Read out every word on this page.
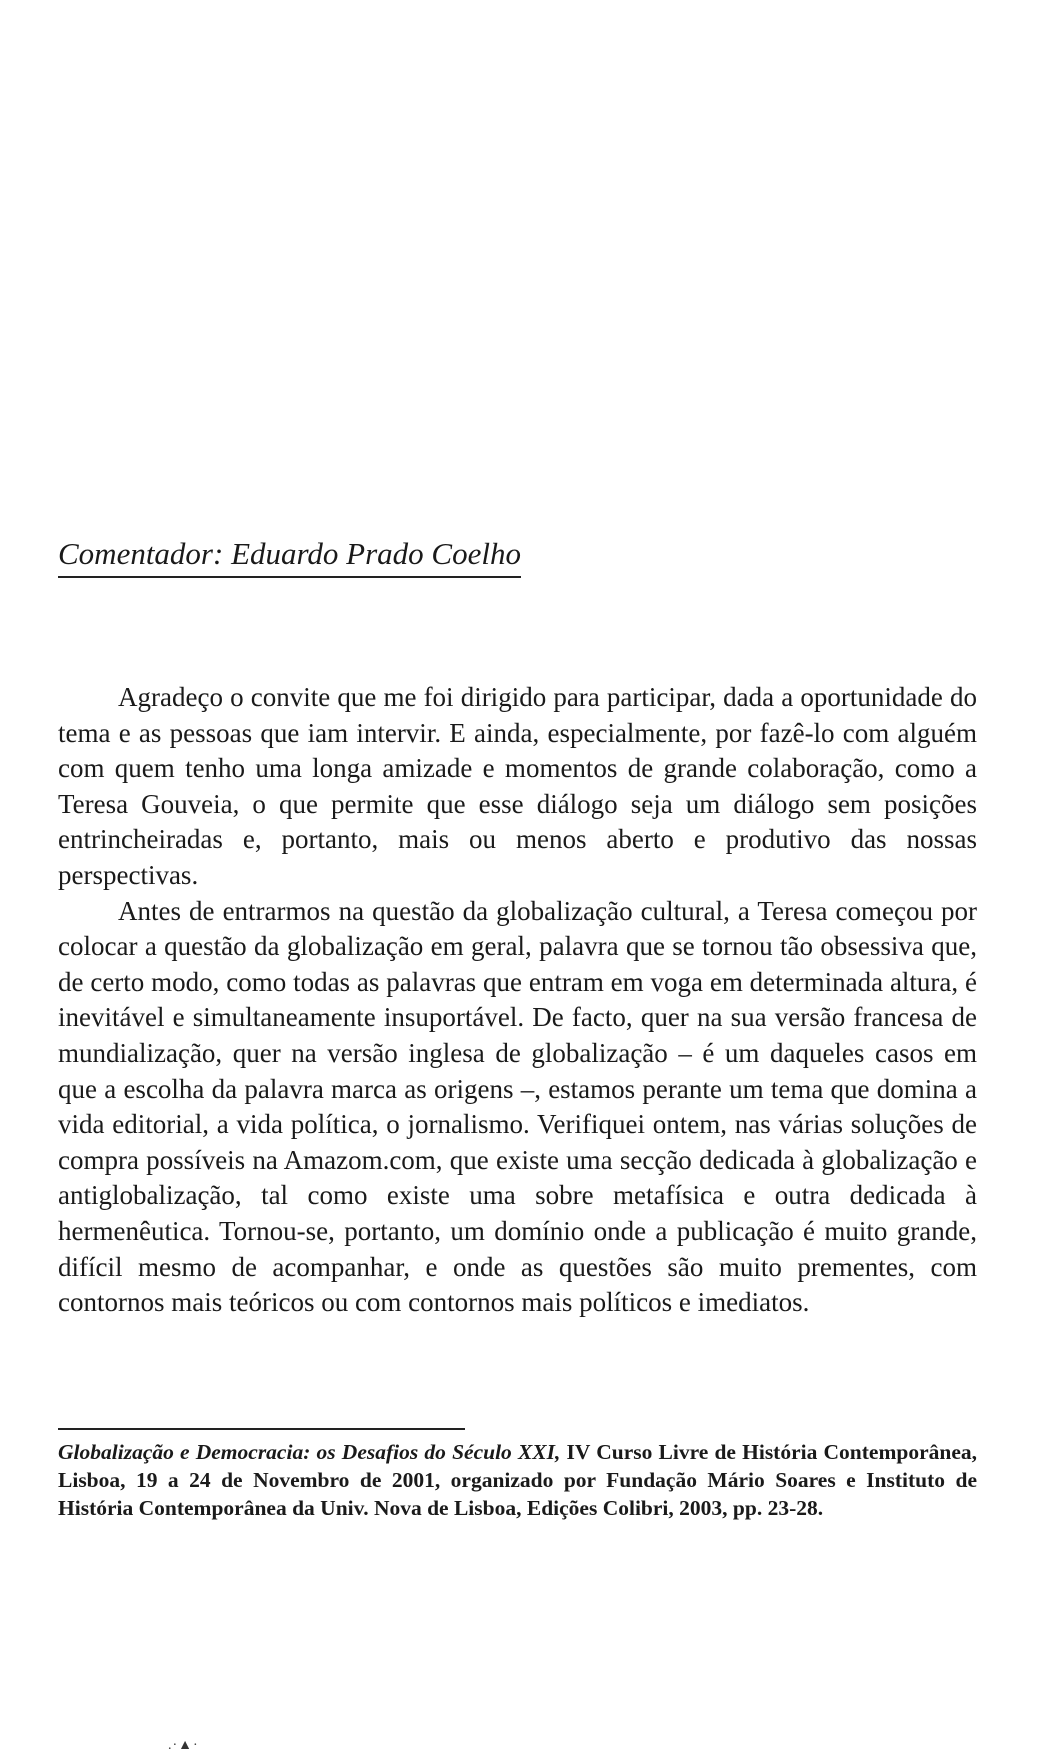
Comentador: Eduardo Prado Coelho

Agradeço o convite que me foi dirigido para participar, dada a oportunidade do tema e as pessoas que iam intervir. E ainda, especialmente, por fazê-lo com alguém com quem tenho uma longa amizade e momentos de grande colaboração, como a Teresa Gouveia, o que permite que esse diálogo seja um diálogo sem posições entrincheiradas e, portanto, mais ou menos aberto e produtivo das nossas perspectivas.

Antes de entrarmos na questão da globalização cultural, a Teresa começou por colocar a questão da globalização em geral, palavra que se tornou tão obsessiva que, de certo modo, como todas as palavras que entram em voga em determinada altura, é inevitável e simultaneamente insuportável. De facto, quer na sua versão francesa de mundialização, quer na versão inglesa de globalização – é um daqueles casos em que a escolha da palavra marca as origens –, estamos perante um tema que domina a vida editorial, a vida política, o jornalismo. Verifiquei ontem, nas várias soluções de compra possíveis na Amazom.com, que existe uma secção dedicada à globalização e antiglobalização, tal como existe uma sobre metafísica e outra dedicada à hermenêutica. Tornou-se, portanto, um domínio onde a publicação é muito grande, difícil mesmo de acompanhar, e onde as questões são muito prementes, com contornos mais teóricos ou com contornos mais políticos e imediatos.

Globalização e Democracia: os Desafios do Século XXI, IV Curso Livre de História Contemporânea, Lisboa, 19 a 24 de Novembro de 2001, organizado por Fundação Mário Soares e Instituto de História Contemporânea da Univ. Nova de Lisboa, Edições Colibri, 2003, pp. 23-28.
.·▲·
